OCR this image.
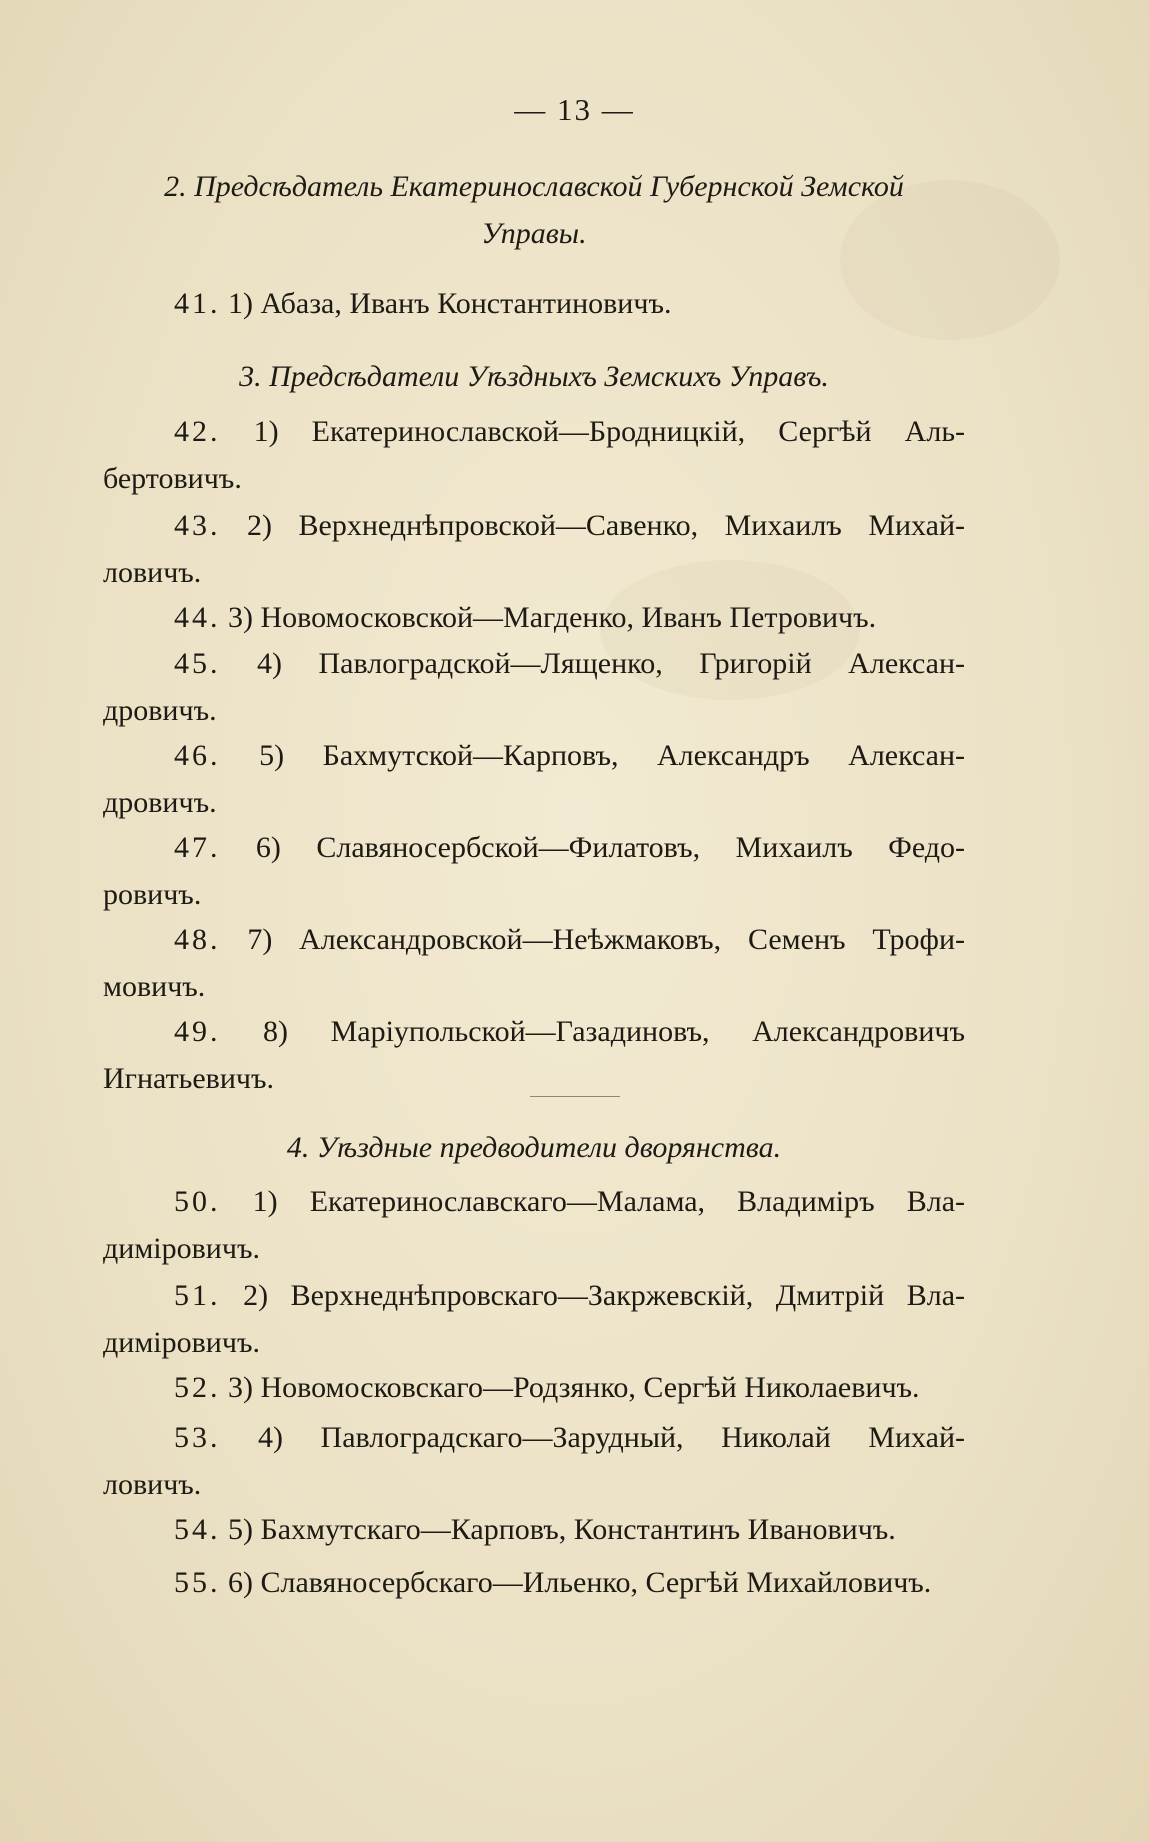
— 13 —
2. Предсѣдатель Екатеринославской Губернской Земской
Управы.
41. 1) Абаза, Иванъ Константиновичъ.
3. Предсѣдатели Уѣздныхъ Земскихъ Управъ.
42. 1) Екатеринославской—Бродницкій, Сергѣй Аль-
бертовичъ.
43. 2) Верхнеднѣпровской—Савенко, Михаилъ Михай-
ловичъ.
44. 3) Новомосковской—Магденко, Иванъ Петровичъ.
45. 4) Павлоградской—Лященко, Григорій Алексан-
дровичъ.
46. 5) Бахмутской—Карповъ, Александръ Алексан-
дровичъ.
47. 6) Славяносербской—Филатовъ, Михаилъ Федо-
ровичъ.
48. 7) Александровской—Неѣжмаковъ, Семенъ Трофи-
мовичъ.
49. 8) Маріупольской—Газадиновъ, Александровичъ
Игнатьевичъ.
4. Уѣздные предводители дворянства.
50. 1) Екатеринославскаго—Малама, Владиміръ Вла-
диміровичъ.
51. 2) Верхнеднѣпровскаго—Закржевскій, Дмитрій Вла-
диміровичъ.
52. 3) Новомосковскаго—Родзянко, Сергѣй Николаевичъ.
53. 4) Павлоградскаго—Зарудный, Николай Михай-
ловичъ.
54. 5) Бахмутскаго—Карповъ, Константинъ Ивановичъ.
55. 6) Славяносербскаго—Ильенко, Сергѣй Михайловичъ.
